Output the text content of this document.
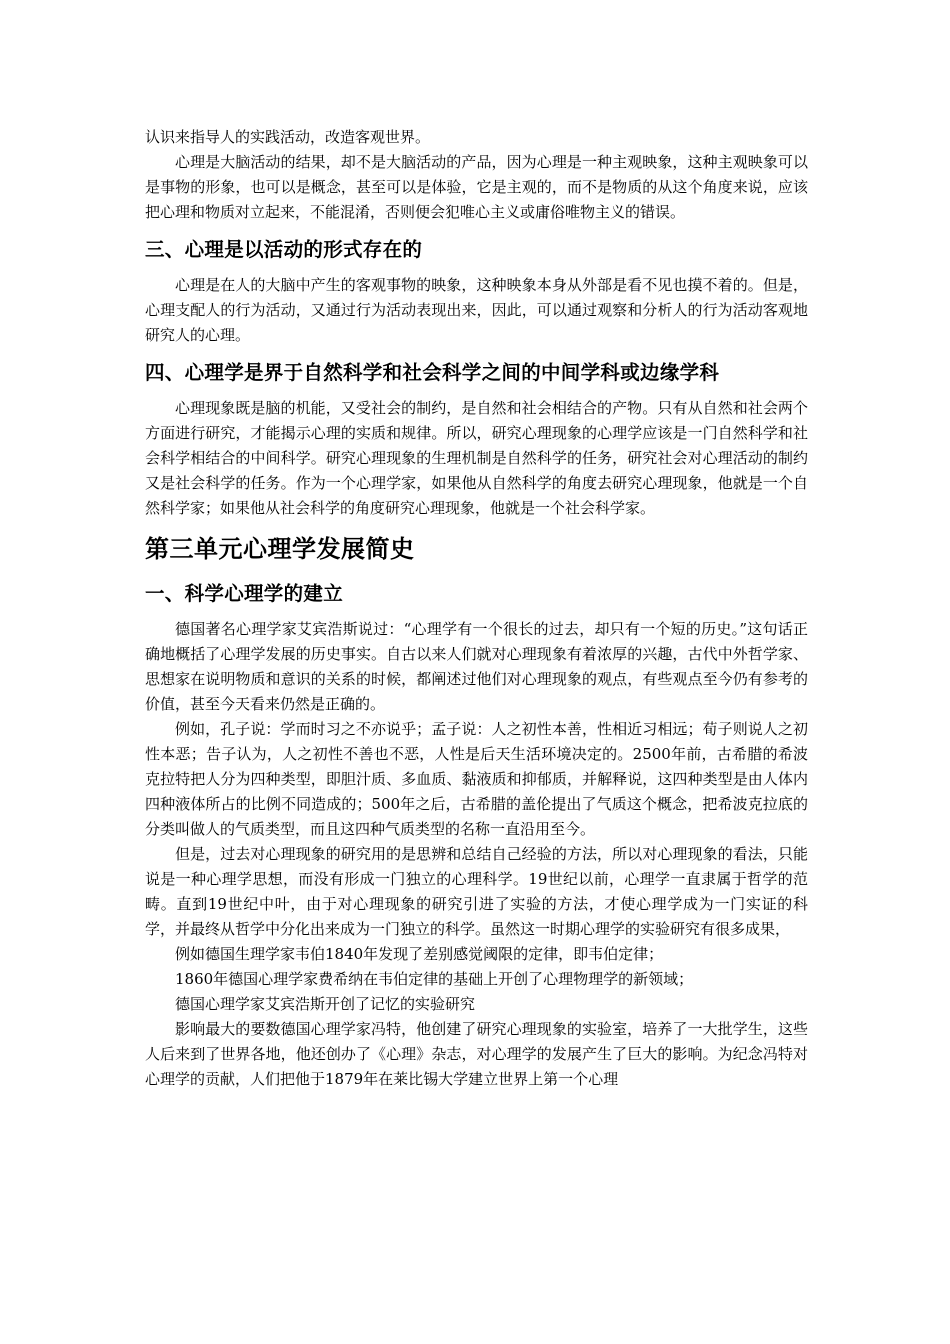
认识来指导人的实践活动，改造客观世界。

心理是大脑活动的结果，却不是大脑活动的产品，因为心理是一种主观映象，这种主观映象可以是事物的形象，也可以是概念，甚至可以是体验，它是主观的，而不是物质的从这个角度来说，应该把心理和物质对立起来，不能混淆，否则便会犯唯心主义或庸俗唯物主义的错误。

三、心理是以活动的形式存在的

心理是在人的大脑中产生的客观事物的映象，这种映象本身从外部是看不见也摸不着的。但是，心理支配人的行为活动，又通过行为活动表现出来，因此，可以通过观察和分析人的行为活动客观地研究人的心理。

四、心理学是界于自然科学和社会科学之间的中间学科或边缘学科

心理现象既是脑的机能，又受社会的制约，是自然和社会相结合的产物。只有从自然和社会两个方面进行研究，才能揭示心理的实质和规律。所以，研究心理现象的心理学应该是一门自然科学和社会科学相结合的中间科学。研究心理现象的生理机制是自然科学的任务，研究社会对心理活动的制约又是社会科学的任务。作为一个心理学家，如果他从自然科学的角度去研究心理现象，他就是一个自然科学家；如果他从社会科学的角度研究心理现象，他就是一个社会科学家。

第三单元心理学发展简史
一、科学心理学的建立

德国著名心理学家艾宾浩斯说过：“心理学有一个很长的过去，却只有一个短的历史。”这句话正确地概括了心理学发展的历史事实。自古以来人们就对心理现象有着浓厚的兴趣，古代中外哲学家、思想家在说明物质和意识的关系的时候，都阐述过他们对心理现象的观点，有些观点至今仍有参考的价值，甚至今天看来仍然是正确的。

例如，孔子说：学而时习之不亦说乎；孟子说：人之初性本善，性相近习相远；荀子则说人之初性本恶；告子认为，人之初性不善也不恶，人性是后天生活环境决定的。2500年前，古希腊的希波克拉特把人分为四种类型，即胆汁质、多血质、黏液质和抑郁质，并解释说，这四种类型是由人体内四种液体所占的比例不同造成的；500年之后，古希腊的盖伦提出了气质这个概念，把希波克拉底的分类叫做人的气质类型，而且这四种气质类型的名称一直沿用至今。

但是，过去对心理现象的研究用的是思辨和总结自己经验的方法，所以对心理现象的看法，只能说是一种心理学思想，而没有形成一门独立的心理科学。19世纪以前，心理学一直隶属于哲学的范畴。直到19世纪中叶，由于对心理现象的研究引进了实验的方法，才使心理学成为一门实证的科学，并最终从哲学中分化出来成为一门独立的科学。虽然这一时期心理学的实验研究有很多成果，

例如德国生理学家韦伯1840年发现了差别感觉阈限的定律，即韦伯定律；

1860年德国心理学家费希纳在韦伯定律的基础上开创了心理物理学的新领域；

德国心理学家艾宾浩斯开创了记忆的实验研究

影响最大的要数德国心理学家冯特，他创建了研究心理现象的实验室，培养了一大批学生，这些人后来到了世界各地，他还创办了《心理》杂志，对心理学的发展产生了巨大的影响。为纪念冯特对心理学的贡献，人们把他于1879年在莱比锡大学建立世界上第一个心理
